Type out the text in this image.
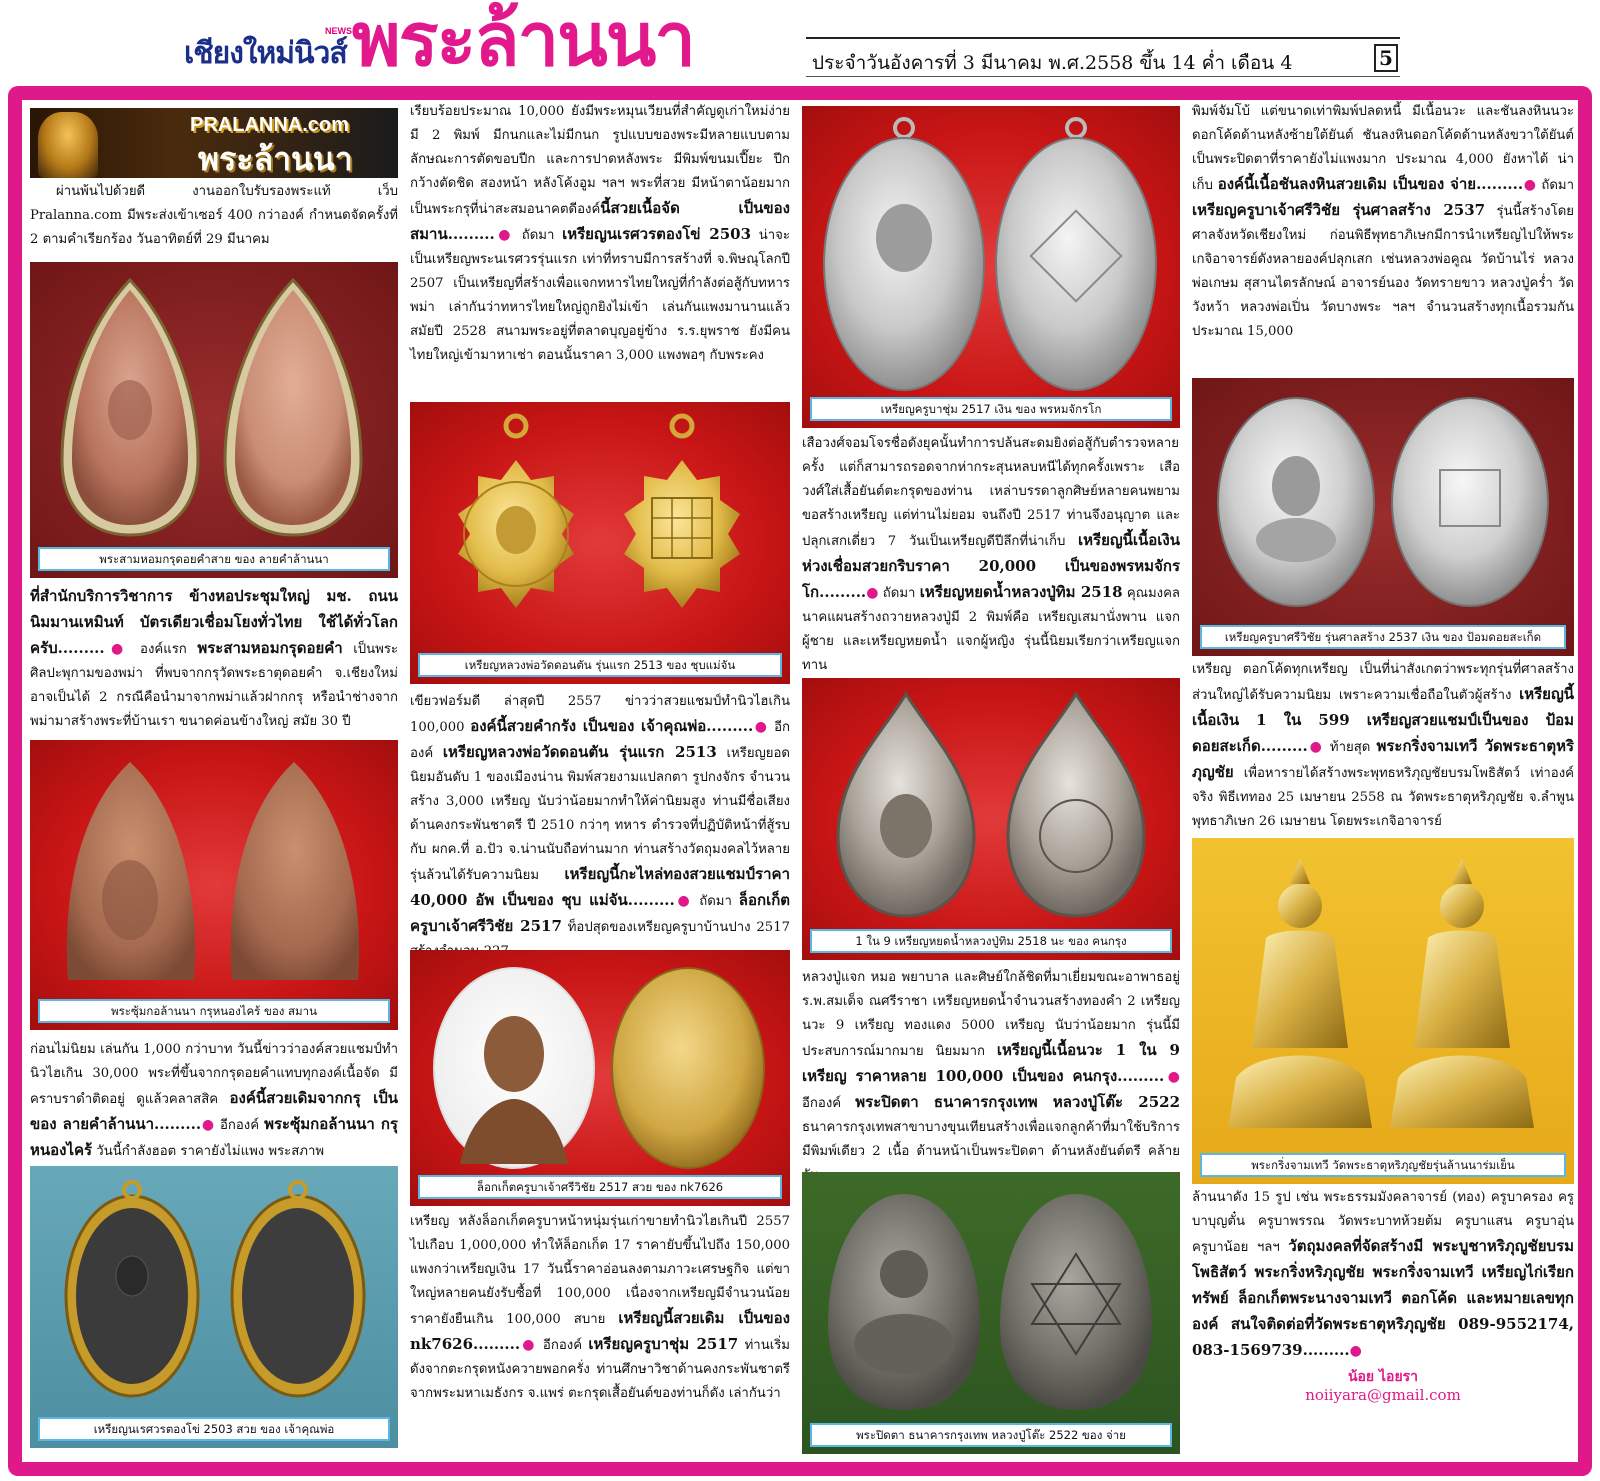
เชียงใหม่นิวส์
NEWS พระล้านนา	ประจำวันอังคารที่ 3 มีนาคม พ.ศ.2558 ขึ้น 14 ค่ำ เดือน 4	5
PRALANNA.com
พระล้านนา
ผ่านพ้นไปด้วยดี งานออกใบรับรองพระแท้ เว็บ Pralanna.com มีพระส่งเข้าเซอร์ 400 กว่าองค์ กำหนดจัดครั้งที่ 2 ตามคำเรียกร้อง วันอาทิตย์ที่ 29 มีนาคม
พระสามหอมกรุดอยคำสาย ของ ลายคำล้านนา
ที่สำนักบริการวิชาการ ข้างหอประชุมใหญ่ มช. ถนนนิมมานเหมินท์ บัตรเดียวเชื่อมโยงทั่วไทย ใช้ได้ทั่วโลก ครับ.........● องค์แรก พระสามหอมกรุดอยคำ เป็นพระศิลปะพุกามของพม่า ที่พบจากกรุวัดพระธาตุดอยคำ จ.เชียงใหม่ อาจเป็นได้ 2 กรณีคือนำมาจากพม่าแล้วฝากกรุ หรือนำช่างจากพม่ามาสร้างพระที่บ้านเรา ขนาดค่อนข้างใหญ่ สมัย 30 ปี
พระซุ้มกอล้านนา กรุหนองไคร้ ของ สมาน
ก่อนไม่นิยม เล่นกัน 1,000 กว่าบาท วันนี้ข่าวว่าองค์สวยแชมป์ทำนิวไฮเกิน 30,000 พระที่ขึ้นจากกรุดอยคำแทบทุกองค์เนื้อจัด มีคราบราดำติดอยู่ ดูแล้วคลาสสิค องค์นี้สวยเดิมจากกรุ เป็นของ ลายคำล้านนา.........● อีกองค์ พระซุ้มกอล้านนา กรุหนองไคร้ วันนี้กำลังฮอต ราคายังไม่แพง พระสภาพ
เหรียญนเรศวรตองโข่ 2503 สวย ของ เจ้าคุณพ่อ
เรียบร้อยประมาณ 10,000 ยังมีพระหมุนเวียนที่สำคัญดูเก่าใหม่ง่าย มี 2 พิมพ์ มีกนกและไม่มีกนก รูปแบบของพระมีหลายแบบตามลักษณะการตัดขอบปีก และการปาดหลังพระ มีพิมพ์ขนมเปี๊ยะ ปีกกว้างตัดชิด สองหน้า หลังโค้งอูม ฯลฯ พระที่สวย มีหน้าตาน้อยมาก เป็นพระกรุที่น่าสะสมอนาคตดีองค์นี้สวยเนื้อจัด เป็นของ สมาน.........● ถัดมา เหรียญนเรศวรตองโข่ 2503 น่าจะเป็นเหรียญพระนเรศวรรุ่นแรก เท่าที่ทราบมีการสร้างที่ จ.พิษณุโลกปี 2507 เป็นเหรียญที่สร้างเพื่อแจกทหารไทยใหญ่ที่กำลังต่อสู้กับทหารพม่า เล่ากันว่าทหารไทยใหญ่ถูกยิงไม่เข้า เล่นกันแพงมานานแล้ว สมัยปี 2528 สนามพระอยู่ที่ตลาดบุญอยู่ข้าง ร.ร.ยุพราช ยังมีคนไทยใหญ่เข้ามาหาเช่า ตอนนั้นราคา 3,000 แพงพอๆ กับพระคง
เหรียญหลวงพ่อวัดดอนตัน รุ่นแรก 2513 ของ ชุบแม่จัน
เขียวฟอร์มดี ล่าสุดปี 2557 ข่าวว่าสวยแชมป์ทำนิวไฮเกิน 100,000 องค์นี้สวยคำกรัง เป็นของ เจ้าคุณพ่อ.........● อีกองค์ เหรียญหลวงพ่อวัดดอนตัน รุ่นแรก 2513 เหรียญยอดนิยมอันดับ 1 ของเมืองน่าน พิมพ์สวยงามแปลกตา รูปกงจักร จำนวนสร้าง 3,000 เหรียญ นับว่าน้อยมากทำให้ค่านิยมสูง ท่านมีชื่อเสียงด้านคงกระพันชาตรี ปี 2510 กว่าๆ ทหาร ตำรวจที่ปฏิบัติหน้าที่สู้รบกับ ผกค.ที่ อ.ปัว จ.น่านนับถือท่านมาก ท่านสร้างวัตถุมงคลไว้หลายรุ่นล้วนได้รับความนิยม เหรียญนี้กะไหล่ทองสวยแชมป์ราคา 40,000 อัพ เป็นของ ชุบ แม่จัน.........● ถัดมา ล็อกเก็ตครูบาเจ้าศรีวิชัย 2517 ท็อปสุดของเหรียญครูบาบ้านปาง 2517
ล็อกเก็ตครูบาเจ้าศรีวิชัย 2517 สวย ของ nk7626
เหรียญ หลังล็อกเก็ตครูบาหน้าหนุ่มรุ่นเก่าขายทำนิวไฮเกินปี 2557 ไปเกือบ 1,000,000 ทำให้ล็อกเก็ต 17 ราคายับขึ้นไปถึง 150,000 แพงกว่าเหรียญเงิน 17 วันนี้ราคาอ่อนลงตามภาวะเศรษฐกิจ แต่ขาใหญ่หลายคนยังรับซื้อที่ 100,000 เนื่องจากเหรียญมีจำนวนน้อย ราคายังยืนเกิน 100,000 สบาย เหรียญนี้สวยเดิม เป็นของ nk7626.........● อีกองค์ เหรียญครูบาชุ่ม 2517 ท่านเริ่มดังจากตะกรุดหนังควายพอกครั่ง ท่านศึกษาวิชาด้านคงกระพันชาตรีจากพระมหาเมธังกร จ.แพร่ ตะกรุดเสื้อยันต์ของท่านก็ดัง เล่ากันว่า
เหรียญครูบาชุ่ม 2517 เงิน ของ พรหมจักรโก
เสือวงศ์จอมโจรชื่อดังยุคนั้นทำการปล้นสะดมยิงต่อสู้กับตำรวจหลายครั้ง แต่ก็สามารถรอดจากห่ากระสุนหลบหนีได้ทุกครั้งเพราะ เสือวงศ์ใส่เสื้อยันต์ตะกรุดของท่าน เหล่าบรรดาลูกศิษย์หลายคนพยามขอสร้างเหรียญ แต่ท่านไม่ยอม จนถึงปี 2517 ท่านจึงอนุญาต และปลุกเสกเดี่ยว 7 วันเป็นเหรียญดีปีลึกที่น่าเก็บ เหรียญนี้เนื้อเงินห่วงเชื่อมสวยกริบราคา 20,000 เป็นของพรหมจักรโก.........● ถัดมา เหรียญหยดน้ำหลวงปู่ทิม 2518 คุณมงคล นาคแผนสร้างถวายหลวงปู่มี 2 พิมพ์คือ เหรียญเสมานั่งพาน แจกผู้ชาย และเหรียญหยดน้ำ แจกผู้หญิง รุ่นนี้นิยมเรียกว่าเหรียญแจกทาน
1 ใน 9 เหรียญหยดน้ำหลวงปู่ทิม 2518 นะ ของ คนกรุง
หลวงปู่แจก หมอ พยาบาล และศิษย์ใกล้ชิดที่มาเยี่ยมขณะอาพาธอยู่ ร.พ.สมเด็จ ณศรีราชา เหรียญหยดน้ำจำนวนสร้างทองคำ 2 เหรียญ นวะ 9 เหรียญ ทองแดง 5000 เหรียญ นับว่าน้อยมาก รุ่นนี้มีประสบการณ์มากมาย นิยมมาก เหรียญนี้เนื้อนวะ 1 ใน 9 เหรียญ ราคาหลาย 100,000 เป็นของ คนกรุง.........● อีกองค์ พระปิดตา ธนาคารกรุงเทพ หลวงปู่โต๊ะ 2522 ธนาคารกรุงเทพสาขาบางขุนเทียนสร้างเพื่อแจกลูกค้าที่มาใช้บริการ มีพิมพ์เดียว 2 เนื้อ ด้านหน้าเป็นพระปิดตา ด้านหลังยันต์ตรี คล้าย
พระปิดตา ธนาคารกรุงเทพ หลวงปู่โต๊ะ 2522 ของ จ่าย
พิมพ์จัมโบ้ แต่ขนาดเท่าพิมพ์ปลดหนี้ มีเนื้อนวะ และชันลงหินนวะดอกโค้ดด้านหลังซ้ายใต้ยันต์ ชันลงหินดอกโค้ดด้านหลังขวาใต้ยันต์ เป็นพระปิดตาที่ราคายังไม่แพงมาก ประมาณ 4,000 ยังหาได้ น่าเก็บ องค์นี้เนื้อชันลงหินสวยเดิม เป็นของ จ่าย.........● ถัดมา เหรียญครูบาเจ้าศรีวิชัย รุ่นศาลสร้าง 2537 รุ่นนี้สร้างโดยศาลจังหวัดเชียงใหม่ ก่อนพิธีพุทธาภิเษกมีการนำเหรียญไปให้พระเกจิอาจารย์ดังหลายองค์ปลุกเสก เช่นหลวงพ่อคูณ วัดบ้านไร่ หลวงพ่อเกษม สุสานไตรลักษณ์ อาจารย์นอง วัดทรายขาว หลวงปู่คร่ำ วัดวังหว้า หลวงพ่อเปิ่น วัดบางพระ ฯลฯ จำนวนสร้างทุกเนื้อรวมกันประมาณ 15,000
เหรียญครูบาศรีวิชัย รุ่นศาลสร้าง 2537 เงิน ของ ป้อมดอยสะเก็ด
เหรียญ ตอกโค้ดทุกเหรียญ เป็นที่น่าสังเกตว่าพระทุกรุ่นที่ศาลสร้างส่วนใหญ่ได้รับความนิยม เพราะความเชื่อถือในตัวผู้สร้าง เหรียญนี้เนื้อเงิน 1 ใน 599 เหรียญสวยแชมป์เป็นของ ป้อมดอยสะเก็ด.........● ท้ายสุด พระกริ่งจามเทวี วัดพระธาตุหริภุญชัย เพื่อหารายได้สร้างพระพุทธหริภุญชัยบรมโพธิสัตว์ เท่าองค์จริง พิธีเททอง 25 เมษายน 2558 ณ วัดพระธาตุหริภุญชัย จ.ลำพูน พุทธาภิเษก 26 เมษายน โดยพระเกจิอาจารย์
พระกริ่งจามเทวี วัดพระธาตุหริภุญชัยรุ่นล้านนาร่มเย็น
ล้านนาดัง 15 รูป เช่น พระธรรมมังคลาจารย์ (ทอง) ครูบาครอง ครูบาบุญตั๋น ครูบาพรรณ วัดพระบาทห้วยต้ม ครูบาแสน ครูบาอุ่น ครูบาน้อย ฯลฯ วัตถุมงคลที่จัดสร้างมี พระบูชาหริภุญชัยบรมโพธิสัตว์ พระกริ่งหริภุญชัย พระกริ่งจามเทวี เหรียญไก่เรียกทรัพย์ ล็อกเก็ตพระนางจามเทวี ตอกโค้ด และหมายเลขทุกองค์ สนใจติดต่อที่วัดพระธาตุหริภุญชัย 089-9552174, 083-1569739.........●
น้อย ไอยรา
noiiyara@gmail.com
